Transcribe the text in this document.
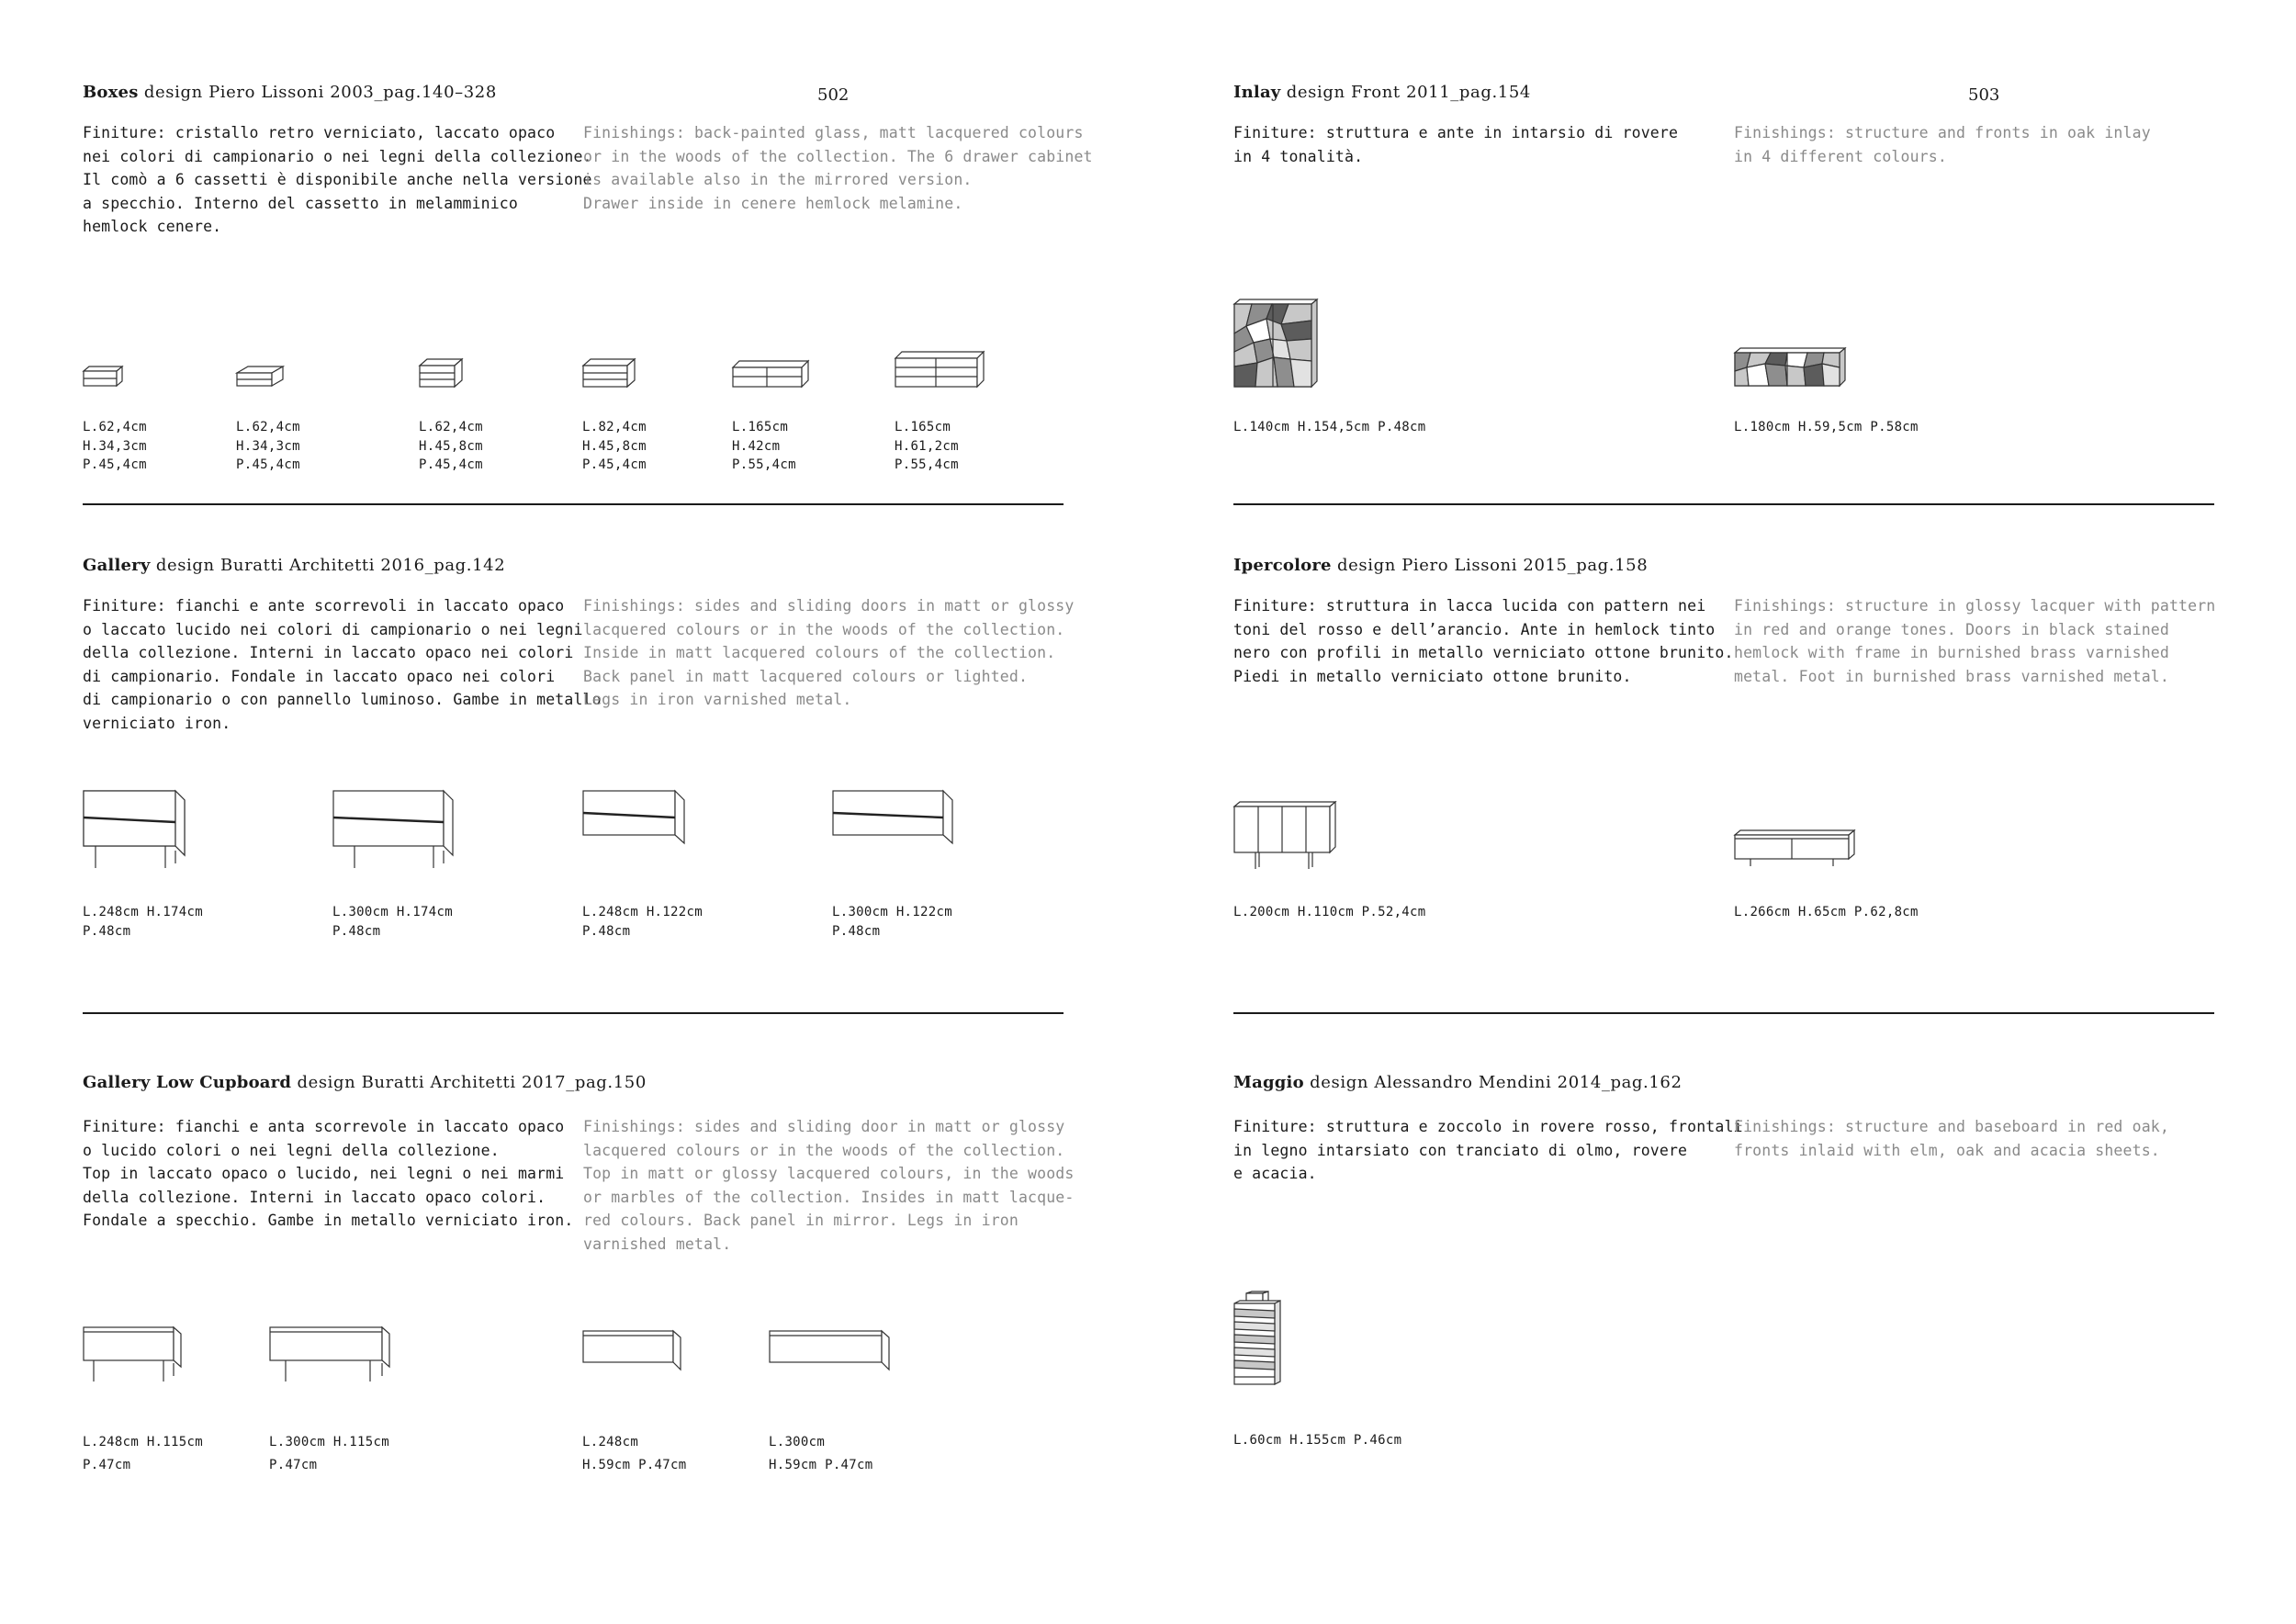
502	503
Boxes design Piero Lissoni 2003_pag.140–328
Finiture: cristallo retro verniciato, laccato opaco
nei colori di campionario o nei legni della collezione.
Il comò a 6 cassetti è disponibile anche nella versione
a specchio. Interno del cassetto in melamminico
hemlock cenere.
Finishings: back-painted glass, matt lacquered colours
or in the woods of the collection. The 6 drawer cabinet
is available also in the mirrored version.
Drawer inside in cenere hemlock melamine.
L.62,4cm
H.34,3cm
P.45,4cm
L.62,4cm
H.34,3cm
P.45,4cm
L.62,4cm
H.45,8cm
P.45,4cm
L.82,4cm
H.45,8cm
P.45,4cm
L.165cm
H.42cm
P.55,4cm
L.165cm
H.61,2cm
P.55,4cm
Gallery design Buratti Architetti 2016_pag.142
Finiture: fianchi e ante scorrevoli in laccato opaco
o laccato lucido nei colori di campionario o nei legni
della collezione. Interni in laccato opaco nei colori
di campionario. Fondale in laccato opaco nei colori
di campionario o con pannello luminoso. Gambe in metallo
verniciato iron.
Finishings: sides and sliding doors in matt or glossy
lacquered colours or in the woods of the collection.
Inside in matt lacquered colours of the collection.
Back panel in matt lacquered colours or lighted.
Legs in iron varnished metal.
L.248cm H.174cm
P.48cm
L.300cm H.174cm
P.48cm
L.248cm H.122cm
P.48cm
L.300cm H.122cm
P.48cm
Gallery Low Cupboard design Buratti Architetti 2017_pag.150
Finiture: fianchi e anta scorrevole in laccato opaco
o lucido colori o nei legni della collezione.
Top in laccato opaco o lucido, nei legni o nei marmi
della collezione. Interni in laccato opaco colori.
Fondale a specchio. Gambe in metallo verniciato iron.
Finishings: sides and sliding door in matt or glossy
lacquered colours or in the woods of the collection.
Top in matt or glossy lacquered colours, in the woods
or marbles of the collection. Insides in matt lacque-
red colours. Back panel in mirror. Legs in iron
varnished metal.
L.248cm H.115cm
P.47cm
L.300cm H.115cm
P.47cm
L.248cm
H.59cm P.47cm
L.300cm
H.59cm P.47cm
Inlay design Front 2011_pag.154
Finiture: struttura e ante in intarsio di rovere
in 4 tonalità.
Finishings: structure and fronts in oak inlay
in 4 different colours.
L.140cm H.154,5cm P.48cm	L.180cm H.59,5cm P.58cm
Ipercolore design Piero Lissoni 2015_pag.158
Finiture: struttura in lacca lucida con pattern nei
toni del rosso e dell’arancio. Ante in hemlock tinto
nero con profili in metallo verniciato ottone brunito.
Piedi in metallo verniciato ottone brunito.
Finishings: structure in glossy lacquer with pattern
in red and orange tones. Doors in black stained
hemlock with frame in burnished brass varnished
metal. Foot in burnished brass varnished metal.
L.200cm H.110cm P.52,4cm	L.266cm H.65cm P.62,8cm
Maggio design Alessandro Mendini 2014_pag.162
Finiture: struttura e zoccolo in rovere rosso, frontali
in legno intarsiato con tranciato di olmo, rovere
e acacia.
Finishings: structure and baseboard in red oak,
fronts inlaid with elm, oak and acacia sheets.
L.60cm H.155cm P.46cm
